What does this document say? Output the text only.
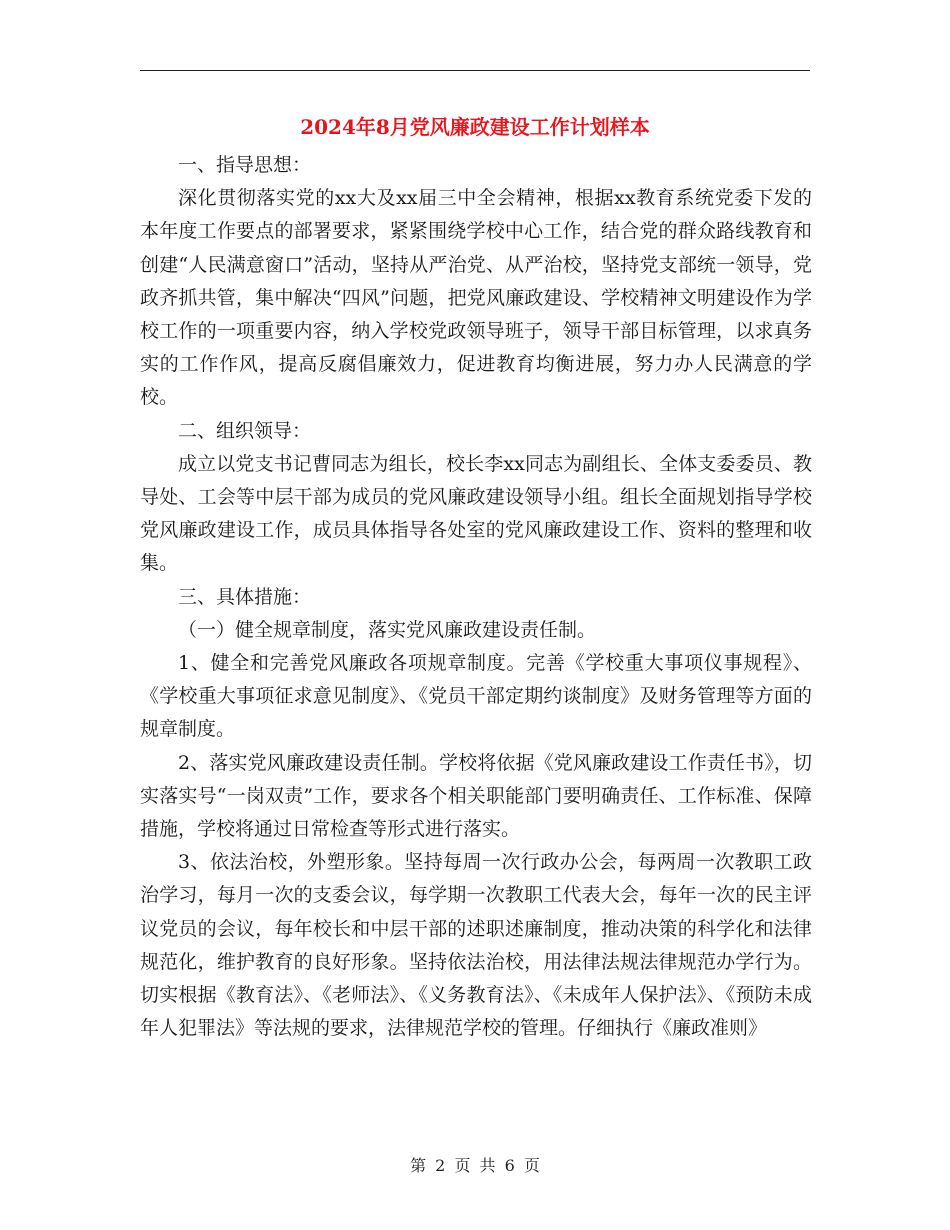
2024年8月党风廉政建设工作计划样本

一、指导思想：

深化贯彻落实党的xx大及xx届三中全会精神，根据xx教育系统党委下发的本年度工作要点的部署要求，紧紧围绕学校中心工作，结合党的群众路线教育和创建“人民满意窗口”活动，坚持从严治党、从严治校，坚持党支部统一领导，党政齐抓共管，集中解决“四风”问题，把党风廉政建设、学校精神文明建设作为学校工作的一项重要内容，纳入学校党政领导班子，领导干部目标管理，以求真务实的工作作风，提高反腐倡廉效力，促进教育均衡进展，努力办人民满意的学校。

二、组织领导：

成立以党支书记曹同志为组长，校长李xx同志为副组长、全体支委委员、教导处、工会等中层干部为成员的党风廉政建设领导小组。组长全面规划指导学校党风廉政建设工作，成员具体指导各处室的党风廉政建设工作、资料的整理和收集。

三、具体措施：

（一）健全规章制度，落实党风廉政建设责任制。

1、健全和完善党风廉政各项规章制度。完善《学校重大事项仪事规程》、《学校重大事项征求意见制度》、《党员干部定期约谈制度》及财务管理等方面的规章制度。

2、落实党风廉政建设责任制。学校将依据《党风廉政建设工作责任书》，切实落实号“一岗双责”工作，要求各个相关职能部门要明确责任、工作标准、保障措施，学校将通过日常检查等形式进行落实。

3、依法治校，外塑形象。坚持每周一次行政办公会，每两周一次教职工政治学习，每月一次的支委会议，每学期一次教职工代表大会，每年一次的民主评议党员的会议，每年校长和中层干部的述职述廉制度，推动决策的科学化和法律规范化，维护教育的良好形象。坚持依法治校，用法律法规法律规范办学行为。切实根据《教育法》、《老师法》、《义务教育法》、《未成年人保护法》、《预防未成年人犯罪法》等法规的要求，法律规范学校的管理。仔细执行《廉政准则》

第 2 页 共 6 页
